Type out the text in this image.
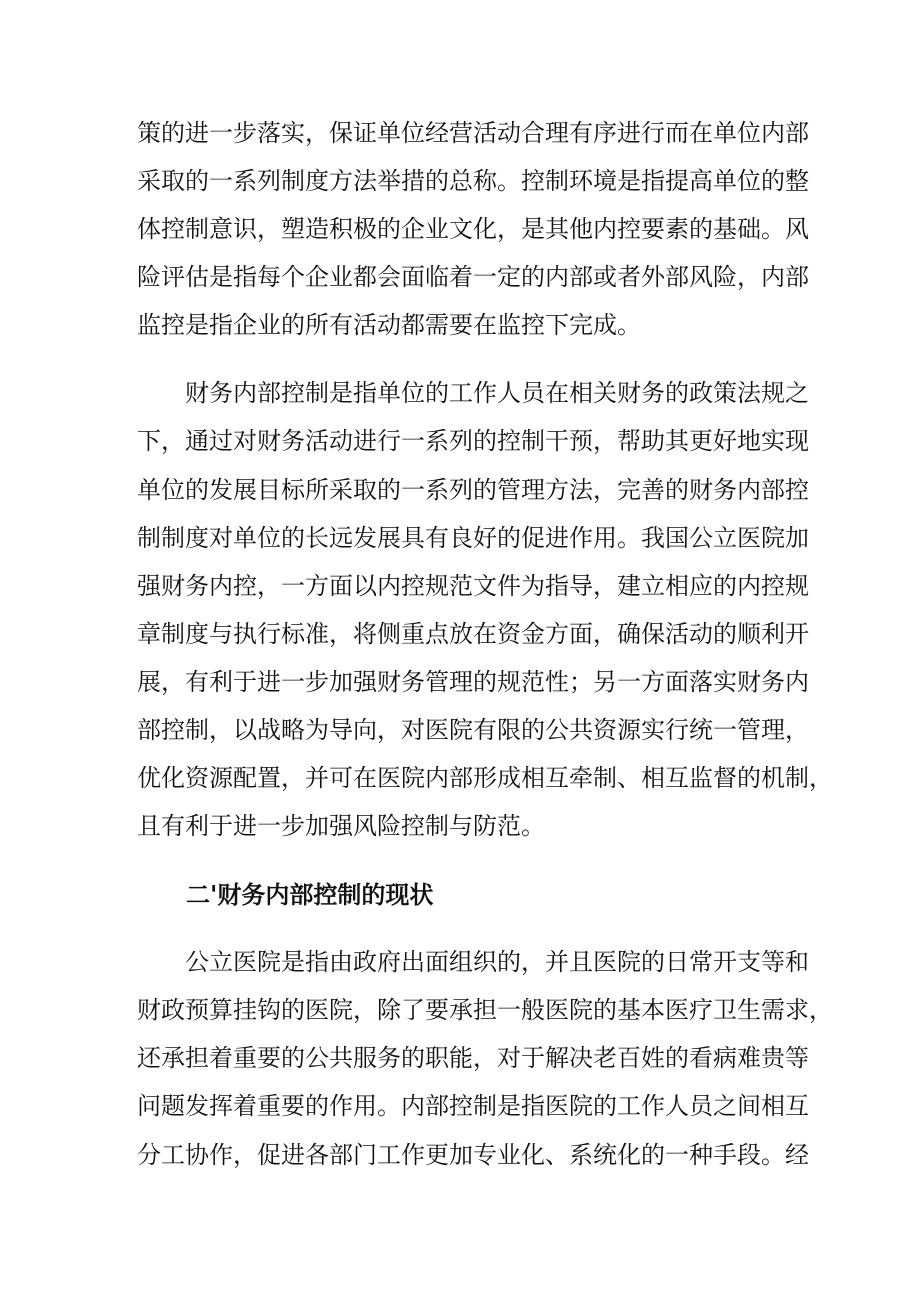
策的进一步落实，保证单位经营活动合理有序进行而在单位内部
采取的一系列制度方法举措的总称。控制环境是指提高单位的整
体控制意识，塑造积极的企业文化，是其他内控要素的基础。风
险评估是指每个企业都会面临着一定的内部或者外部风险，内部
监控是指企业的所有活动都需要在监控下完成。
财务内部控制是指单位的工作人员在相关财务的政策法规之
下，通过对财务活动进行一系列的控制干预，帮助其更好地实现
单位的发展目标所采取的一系列的管理方法，完善的财务内部控
制制度对单位的长远发展具有良好的促进作用。我国公立医院加
强财务内控，一方面以内控规范文件为指导，建立相应的内控规
章制度与执行标准，将侧重点放在资金方面，确保活动的顺利开
展，有利于进一步加强财务管理的规范性；另一方面落实财务内
部控制，以战略为导向，对医院有限的公共资源实行统一管理，
优化资源配置，并可在医院内部形成相互牵制、相互监督的机制，
且有利于进一步加强风险控制与防范。
二'财务内部控制的现状
公立医院是指由政府出面组织的，并且医院的日常开支等和
财政预算挂钩的医院，除了要承担一般医院的基本医疗卫生需求，
还承担着重要的公共服务的职能，对于解决老百姓的看病难贵等
问题发挥着重要的作用。内部控制是指医院的工作人员之间相互
分工协作，促进各部门工作更加专业化、系统化的一种手段。经
